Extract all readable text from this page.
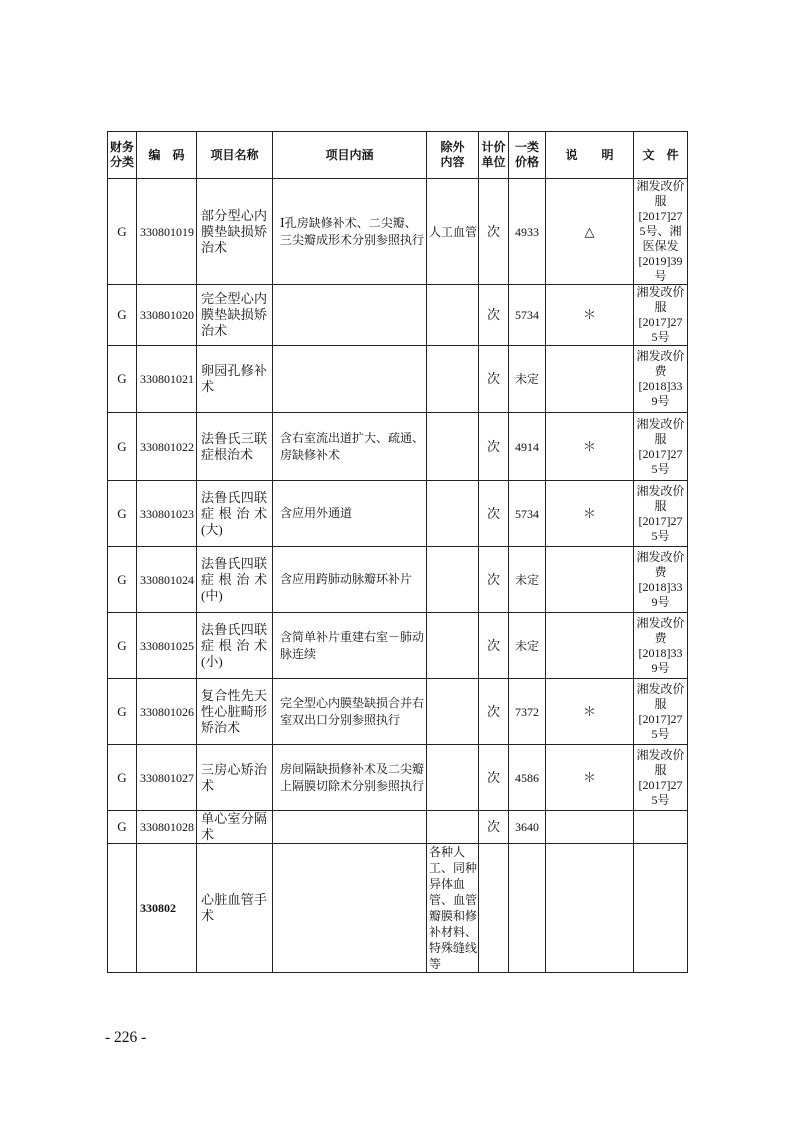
财务分类	编　码	项目名称	项目内涵	除外内容	计价单位	一类价格	说　　明	文　件

G	330801019	部分型心内膜垫缺损矫治术	Ⅰ孔房缺修补术、二尖瓣、三尖瓣成形术分别参照执行	人工血管	次	4933	△	湘发改价服[2017]275号、湘医保发[2019]39号

G	330801020	完全型心内膜垫缺损矫治术			次	5734	＊	湘发改价服[2017]275号

G	330801021	卵园孔修补术			次	未定		湘发改价费[2018]339号

G	330801022	法鲁氏三联症根治术	含右室流出道扩大、疏通、房缺修补术		次	4914	＊	湘发改价服[2017]275号

G	330801023	法鲁氏四联症根治术(大)	含应用外通道		次	5734	＊	湘发改价服[2017]275号

G	330801024	法鲁氏四联症根治术(中)	含应用跨肺动脉瓣环补片		次	未定		湘发改价费[2018]339号

G	330801025	法鲁氏四联症根治术(小)	含简单补片重建右室－肺动脉连续		次	未定		湘发改价费[2018]339号

G	330801026	复合性先天性心脏畸形矫治术	完全型心内膜垫缺损合并右室双出口分别参照执行		次	7372	＊	湘发改价服[2017]275号

G	330801027	三房心矫治术	房间隔缺损修补术及二尖瓣上隔膜切除术分别参照执行		次	4586	＊	湘发改价服[2017]275号

G	330801028	单心室分隔术			次	3640		

	330802	心脏血管手术		各种人工、同种异体血管、血管瓣膜和修补材料、特殊缝线等				

- 226 -
